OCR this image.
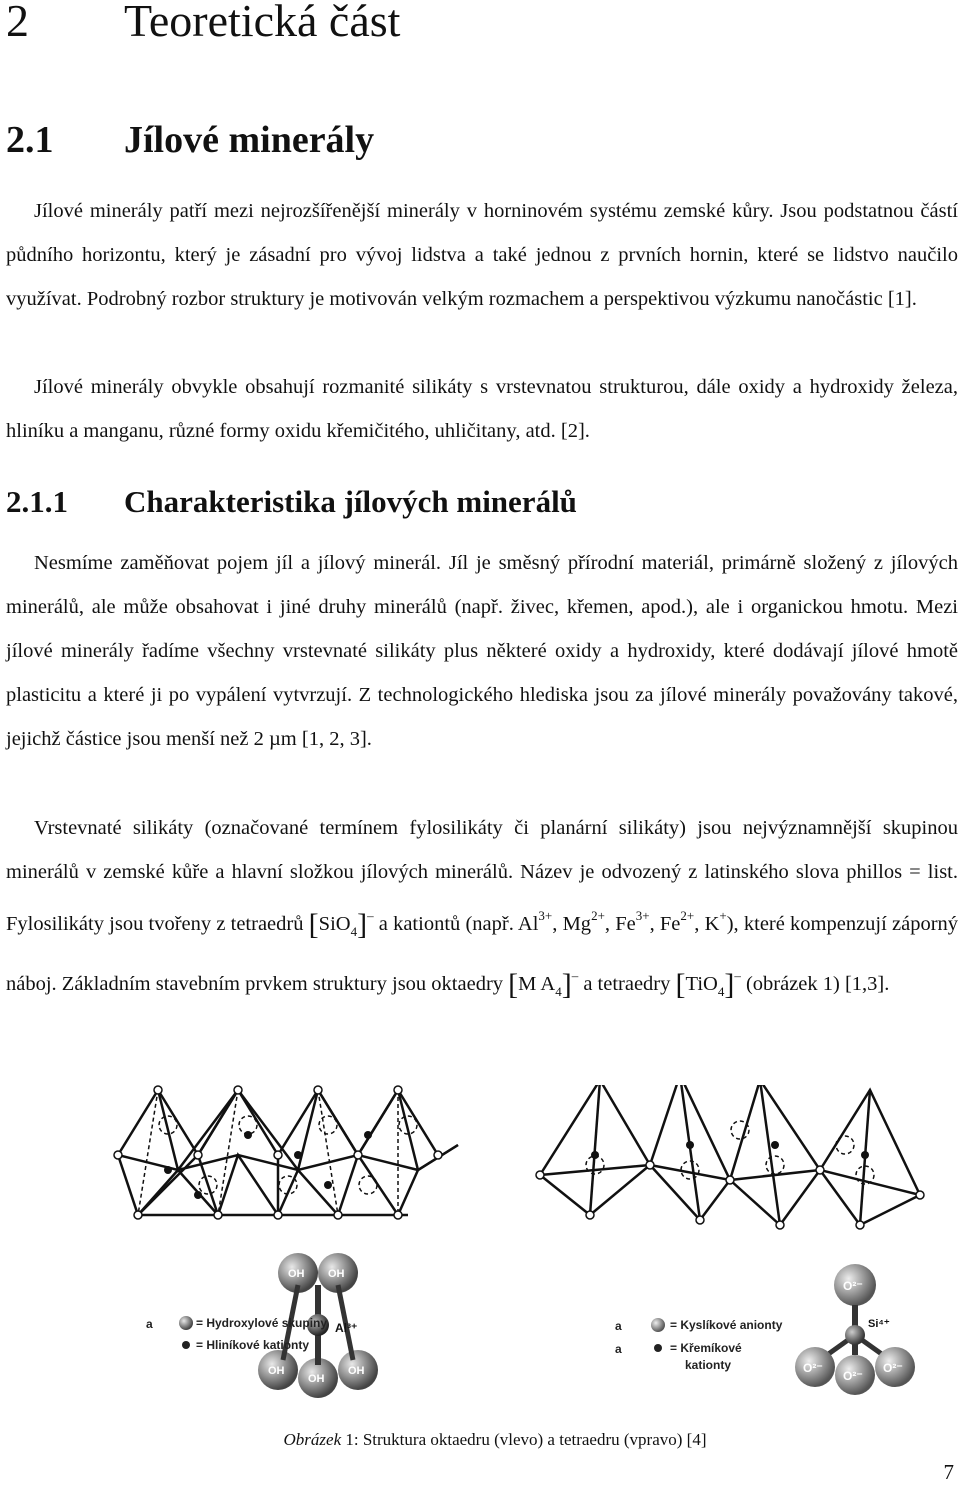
2 Teoretická část
2.1 Jílové minerály

Jílové minerály patří mezi nejrozšířenější minerály v horninovém systému zemské kůry. Jsou podstatnou částí půdního horizontu, který je zásadní pro vývoj lidstva a také jednou z prvních hornin, které se lidstvo naučilo využívat. Podrobný rozbor struktury je motivován velkým rozmachem a perspektivou výzkumu nanočástic [1].

Jílové minerály obvykle obsahují rozmanité silikáty s vrstevnatou strukturou, dále oxidy a hydroxidy železa, hliníku a manganu, různé formy oxidu křemičitého, uhličitany, atd. [2].

2.1.1 Charakteristika jílových minerálů

Nesmíme zaměňovat pojem jíl a jílový minerál. Jíl je směsný přírodní materiál, primárně složený z jílových minerálů, ale může obsahovat i jiné druhy minerálů (např. živec, křemen, apod.), ale i organickou hmotu. Mezi jílové minerály řadíme všechny vrstevnaté silikáty plus některé oxidy a hydroxidy, které dodávají jílové hmotě plasticitu a které ji po vypálení vytvrzují. Z technologického hlediska jsou za jílové minerály považovány takové, jejichž částice jsou menší než 2 µm [1, 2, 3].

Vrstevnaté silikáty (označované termínem fylosilikáty či planární silikáty) jsou nejvýznamnější skupinou minerálů v zemské kůře a hlavní složkou jílových minerálů. Název je odvozený z latinského slova phillos = list. Fylosilikáty jsou tvořeny z tetraedrů [SiO$_4$]– a kationtů (např. $Al^{3+}$, $Mg^{2+}$, $Fe^{3+}$, $Fe^{2+}$, K+), které kompenzují záporný náboj. Základním stavebním prvkem struktury jsou oktaedry [M $A_4]^-$ a tetraedry [TiO$_4$]– (obrázek 1) [1,3].

OH OH
OH
OH
OH
Al³⁺
a	= Hydroxylové skupiny
= Hliníkové kationty
O²⁻
O²⁻
O²⁻
O²⁻
Si⁴⁺
a	= Kyslíkové anionty
a	= Křemíkové
kationty
Obrázek 1: Struktura oktaedru (vlevo) a tetraedru (vpravo) [4]
7
